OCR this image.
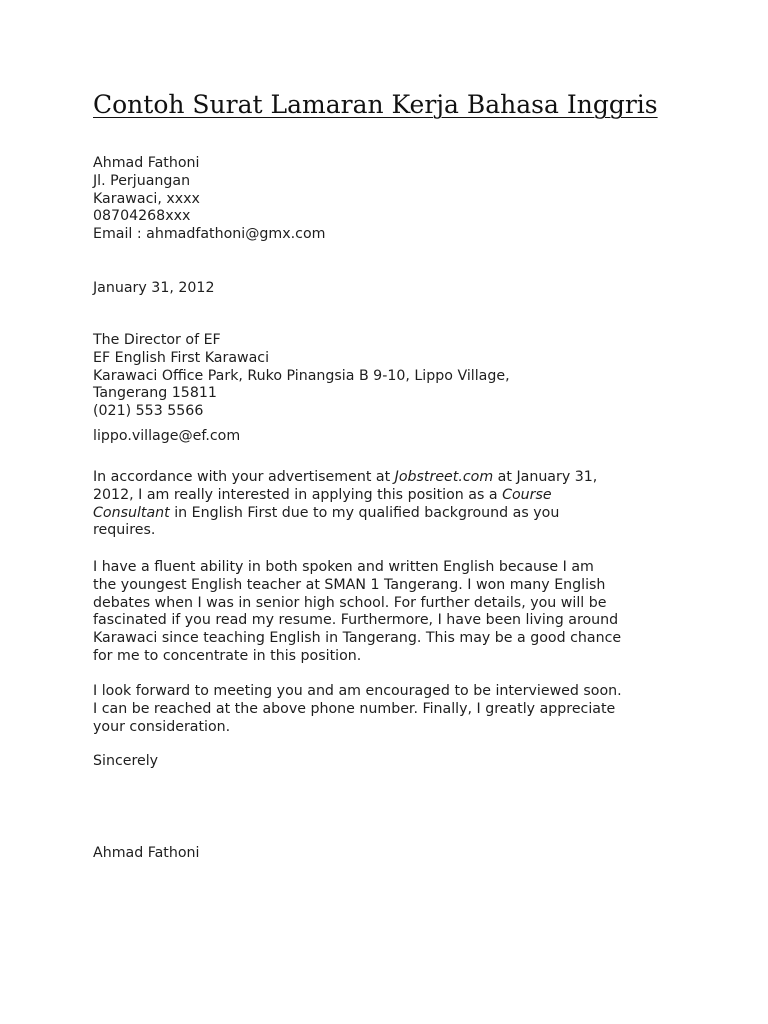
Contoh Surat Lamaran Kerja Bahasa Inggris
Ahmad Fathoni
Jl. Perjuangan
Karawaci, xxxx
08704268xxx
Email : ahmadfathoni@gmx.com
January 31, 2012
The Director of EF
EF English First Karawaci
Karawaci Office Park, Ruko Pinangsia B 9-10, Lippo Village,
Tangerang 15811
(021) 553 5566
lippo.village@ef.com
In accordance with your advertisement at Jobstreet.com at January 31,
2012, I am really interested in applying this position as a Course
Consultant in English First due to my qualified background as you
requires.
I have a fluent ability in both spoken and written English because I am
the youngest English teacher at SMAN 1 Tangerang. I won many English
debates when I was in senior high school. For further details, you will be
fascinated if you read my resume. Furthermore, I have been living around
Karawaci since teaching English in Tangerang. This may be a good chance
for me to concentrate in this position.
I look forward to meeting you and am encouraged to be interviewed soon.
I can be reached at the above phone number. Finally, I greatly appreciate
your consideration.
Sincerely
Ahmad Fathoni
